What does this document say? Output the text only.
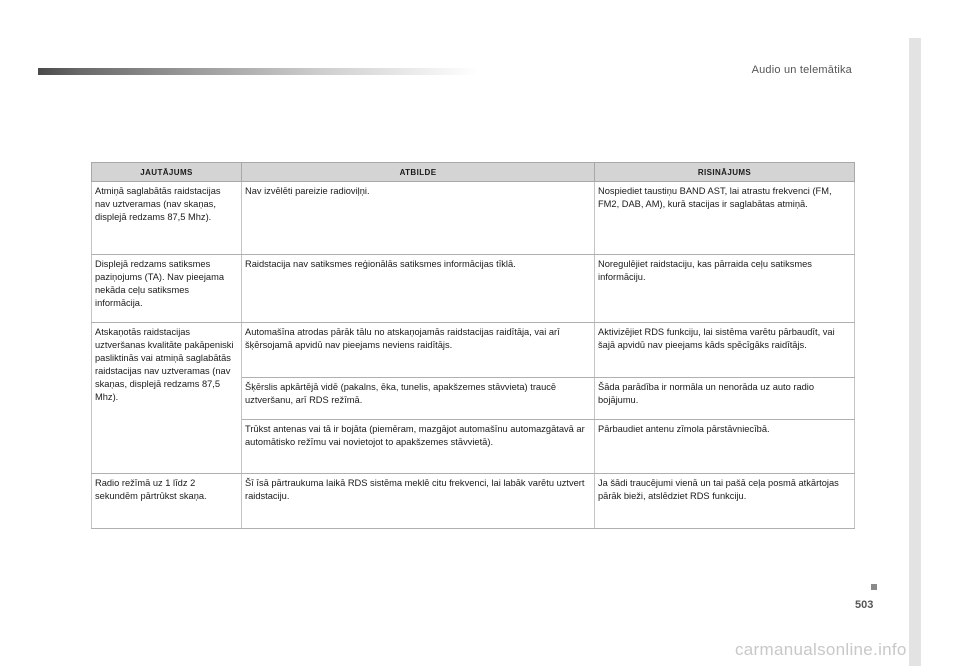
Audio un telemātika
JAUTĀJUMS	ATBILDE	RISINĀJUMS
Atmiņā saglabātās raidstacijas nav uztveramas (nav skaņas, displejā redzams 87,5 Mhz).	Nav izvēlēti pareizie radioviļņi.	Nospiediet taustiņu BAND AST, lai atrastu frekvenci (FM, FM2, DAB, AM), kurā stacijas ir saglabātas atmiņā.
Displejā redzams satiksmes paziņojums (TA). Nav pieejama nekāda ceļu satiksmes informācija.	Raidstacija nav satiksmes reģionālās satiksmes informācijas tīklā.	Noregulējiet raidstaciju, kas pārraida ceļu satiksmes informāciju.
Atskaņotās raidstacijas uztveršanas kvalitāte pakāpeniski pasliktinās vai atmiņā saglabātās raidstacijas nav uztveramas (nav skaņas, displejā redzams 87,5 Mhz).	Automašīna atrodas pārāk tālu no atskaņojamās raidstacijas raidītāja, vai arī šķērsojamā apvidū nav pieejams neviens raidītājs.	Aktivizējiet RDS funkciju, lai sistēma varētu pārbaudīt, vai šajā apvidū nav pieejams kāds spēcīgāks raidītājs.
	Šķērslis apkārtējā vidē (pakalns, ēka, tunelis, apakšzemes stāvvieta) traucē uztveršanu, arī RDS režīmā.	Šāda parādība ir normāla un nenorāda uz auto radio bojājumu.
	Trūkst antenas vai tā ir bojāta (piemēram, mazgājot automašīnu automazgātavā ar automātisko režīmu vai novietojot to apakšzemes stāvvietā).	Pārbaudiet antenu zīmola pārstāvniecībā.
Radio režīmā uz 1 līdz 2 sekundēm pārtrūkst skaņa.	Šī īsā pārtraukuma laikā RDS sistēma meklē citu frekvenci, lai labāk varētu uztvert raidstaciju.	Ja šādi traucējumi vienā un tai pašā ceļa posmā atkārtojas pārāk bieži, atslēdziet RDS funkciju.
503
carmanualsonline.info
